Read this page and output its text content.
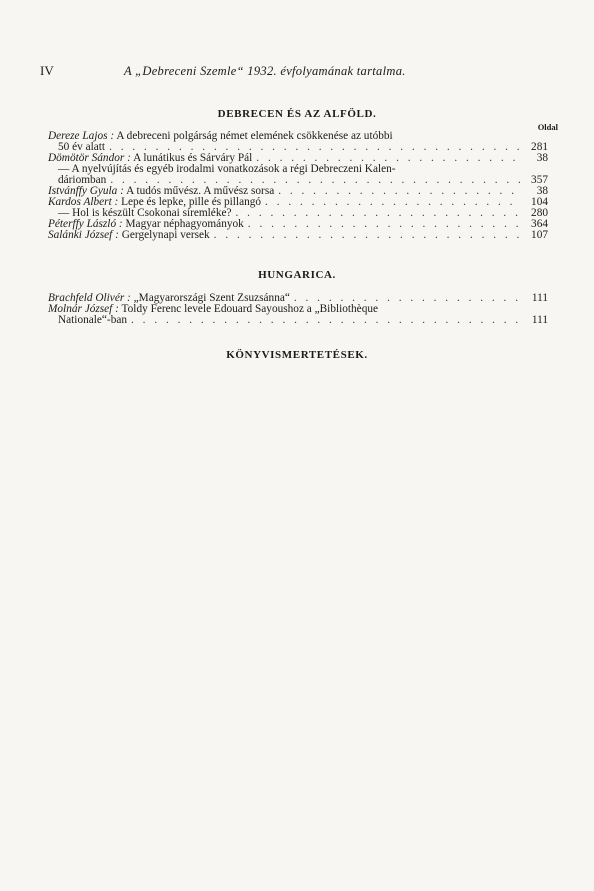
IV	A „Debreceni Szemle“ 1932. évfolyamának tartalma.
DEBRECEN ÉS AZ ALFÖLD.
Oldal
Dereze Lajos : A debreceni polgárság német elemének csökkenése az utóbbi
50 év alatt . . .	281
Dömötör Sándor : A lunátikus és Sárváry Pál . . .	38
— A nyelvújítás és egyéb irodalmi vonatkozások a régi Debreczeni Kalen-
dáriomban . . .	357
Istvánffy Gyula : A tudós művész. A művész sorsa . . .	38
Kardos Albert : Lepe és lepke, pille és pillangó . . .	104
— Hol is készült Csokonai síremléke? . . .	280
Péterffy László : Magyar néphagyományok . . .	364
Salánki József : Gergelynapi versek . . .	107
HUNGARICA.
Brachfeld Olivér : „Magyarországi Szent Zsuzsánna“ . . .	111
Molnár József : Toldy Ferenc levele Edouard Sayoushoz a „Bibliothèque
Nationale“-ban . . .	111
KÖNYVISMERTETÉSEK.
